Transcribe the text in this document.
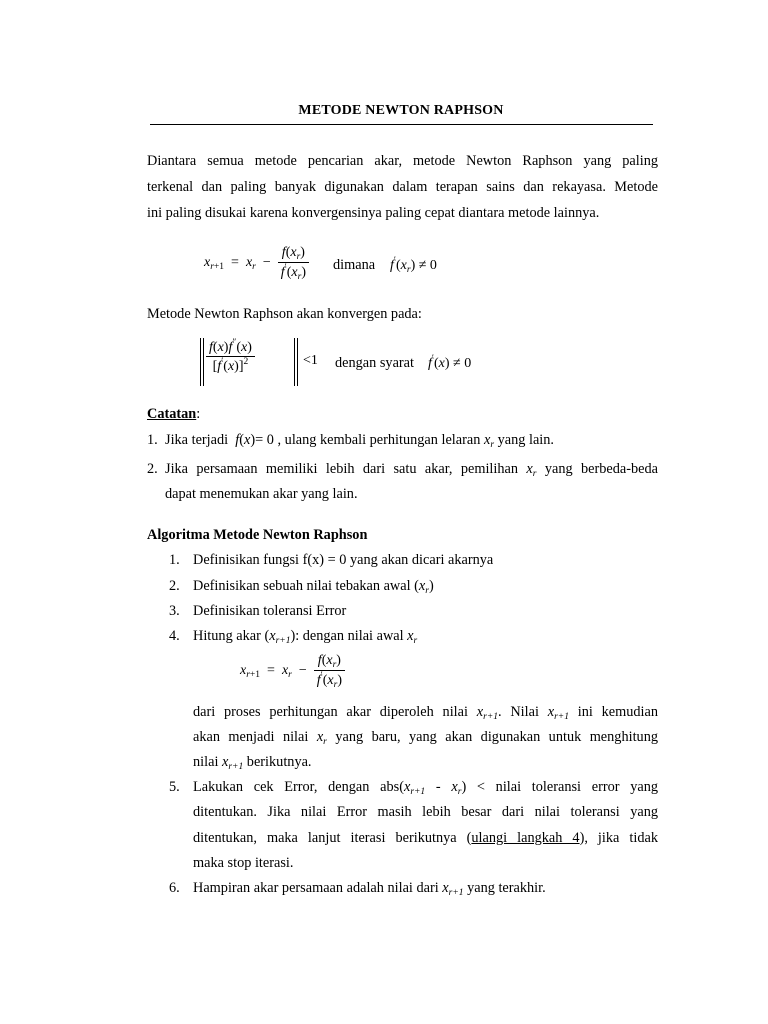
METODE NEWTON RAPHSON
Diantara semua metode pencarian akar, metode Newton Raphson yang paling
terkenal dan paling banyak digunakan dalam terapan sains dan rekayasa. Metode
ini paling disukai karena konvergensinya paling cepat diantara metode lainnya.
$x_{r+1} = x_r - \frac{f(x_r)}{f'(x_r)}$ dimana $f'(x_r) \ne 0$
Metode Newton Raphson akan konvergen pada:
$\frac{f(x)f''(x)}{[f'(x)]^2}$	<1 dengan syarat f′(x) ≠ 0
Catatan:
1. Jika terjadi f(x)= 0 , ulang kembali perhitungan lelaran $x_r$ yang lain.
2. Jika persamaan memiliki lebih dari satu akar, pemilihan $x_r$ yang berbeda-beda
dapat menemukan akar yang lain.
Algoritma Metode Newton Raphson
1. Definisikan fungsi f(x) = 0 yang akan dicari akarnya
2. Definisikan sebuah nilai tebakan awal $(x_r)$
3. Definisikan toleransi Error
4. Hitung akar $(x_{r+1})$: dengan nilai awal $x_r$
$x_{r+1} = x_r - \frac{f(x_r)}{f'(x_r)}$
dari proses perhitungan akar diperoleh nilai $x_{r+1}$. Nilai $x_{r+1}$ ini kemudian
akan menjadi nilai $x_r$ yang baru, yang akan digunakan untuk menghitung
nilai $x_{r+1}$ berikutnya.
5. Lakukan cek Error, dengan $abs(x_{r+1} - x_r)$ < nilai toleransi error yang
ditentukan. Jika nilai Error masih lebih besar dari nilai toleransi yang
ditentukan, maka lanjut iterasi berikutnya (ulangi langkah 4), jika tidak
maka stop iterasi.
6. Hampiran akar persamaan adalah nilai dari $x_{r+1}$ yang terakhir.
